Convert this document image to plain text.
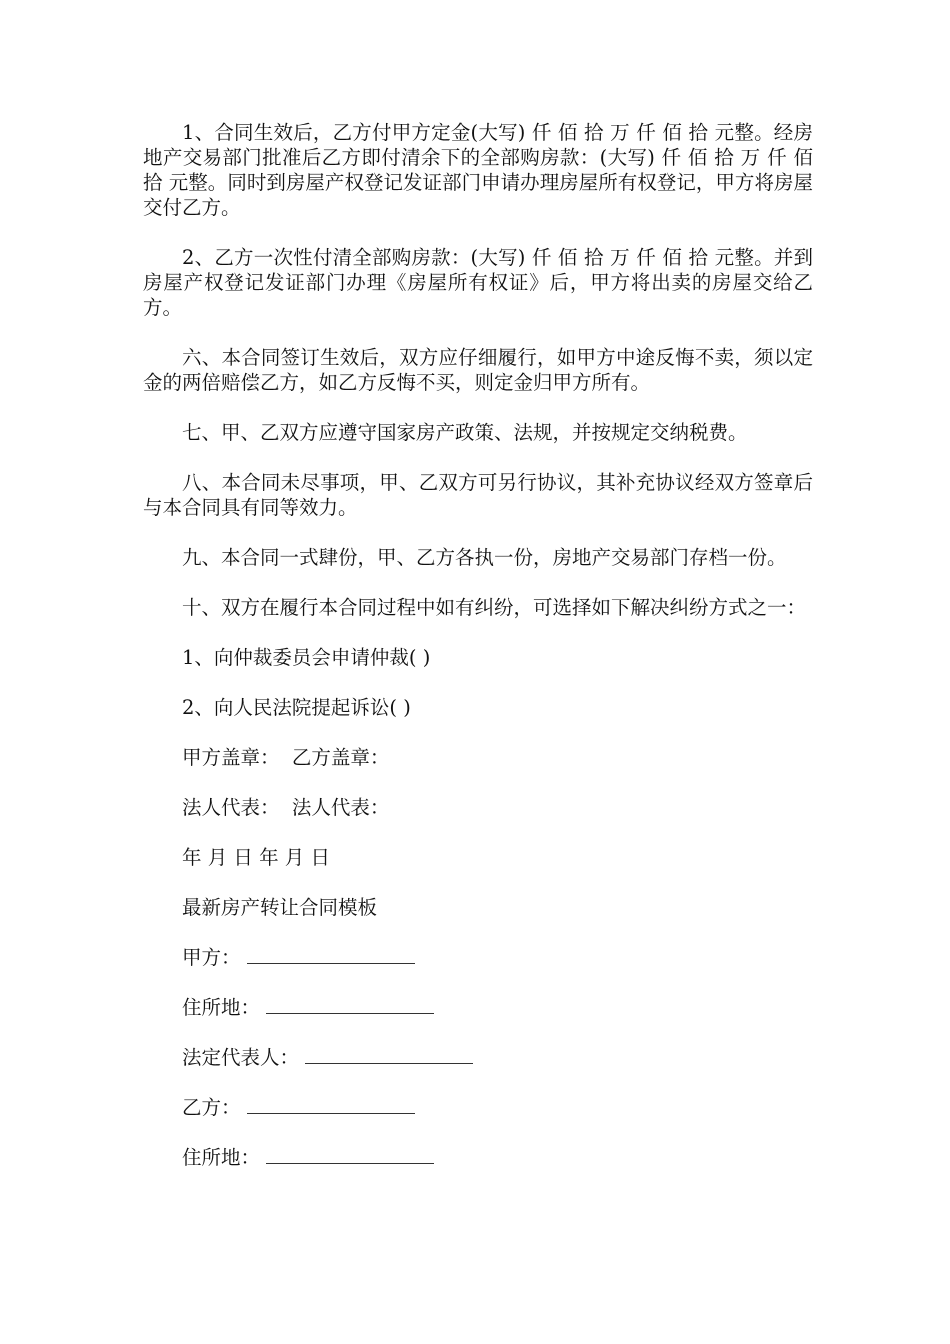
1、合同生效后，乙方付甲方定金(大写) 仟 佰 拾 万 仟 佰 拾 元整。经房地产交易部门批准后乙方即付清余下的全部购房款：(大写) 仟 佰 拾 万 仟 佰 拾 元整。同时到房屋产权登记发证部门申请办理房屋所有权登记，甲方将房屋交付乙方。

2、乙方一次性付清全部购房款：(大写) 仟 佰 拾 万 仟 佰 拾 元整。并到房屋产权登记发证部门办理《房屋所有权证》后，甲方将出卖的房屋交给乙方。

六、本合同签订生效后，双方应仔细履行，如甲方中途反悔不卖，须以定金的两倍赔偿乙方，如乙方反悔不买，则定金归甲方所有。

七、甲、乙双方应遵守国家房产政策、法规，并按规定交纳税费。

八、本合同未尽事项，甲、乙双方可另行协议，其补充协议经双方签章后与本合同具有同等效力。

九、本合同一式肆份，甲、乙方各执一份，房地产交易部门存档一份。

十、双方在履行本合同过程中如有纠纷，可选择如下解决纠纷方式之一：

1、向仲裁委员会申请仲裁( )

2、向人民法院提起诉讼( )

甲方盖章：  乙方盖章：

法人代表：  法人代表：

年 月 日 年 月 日

最新房产转让合同模板

甲方：

住所地：

法定代表人：

乙方：

住所地：
